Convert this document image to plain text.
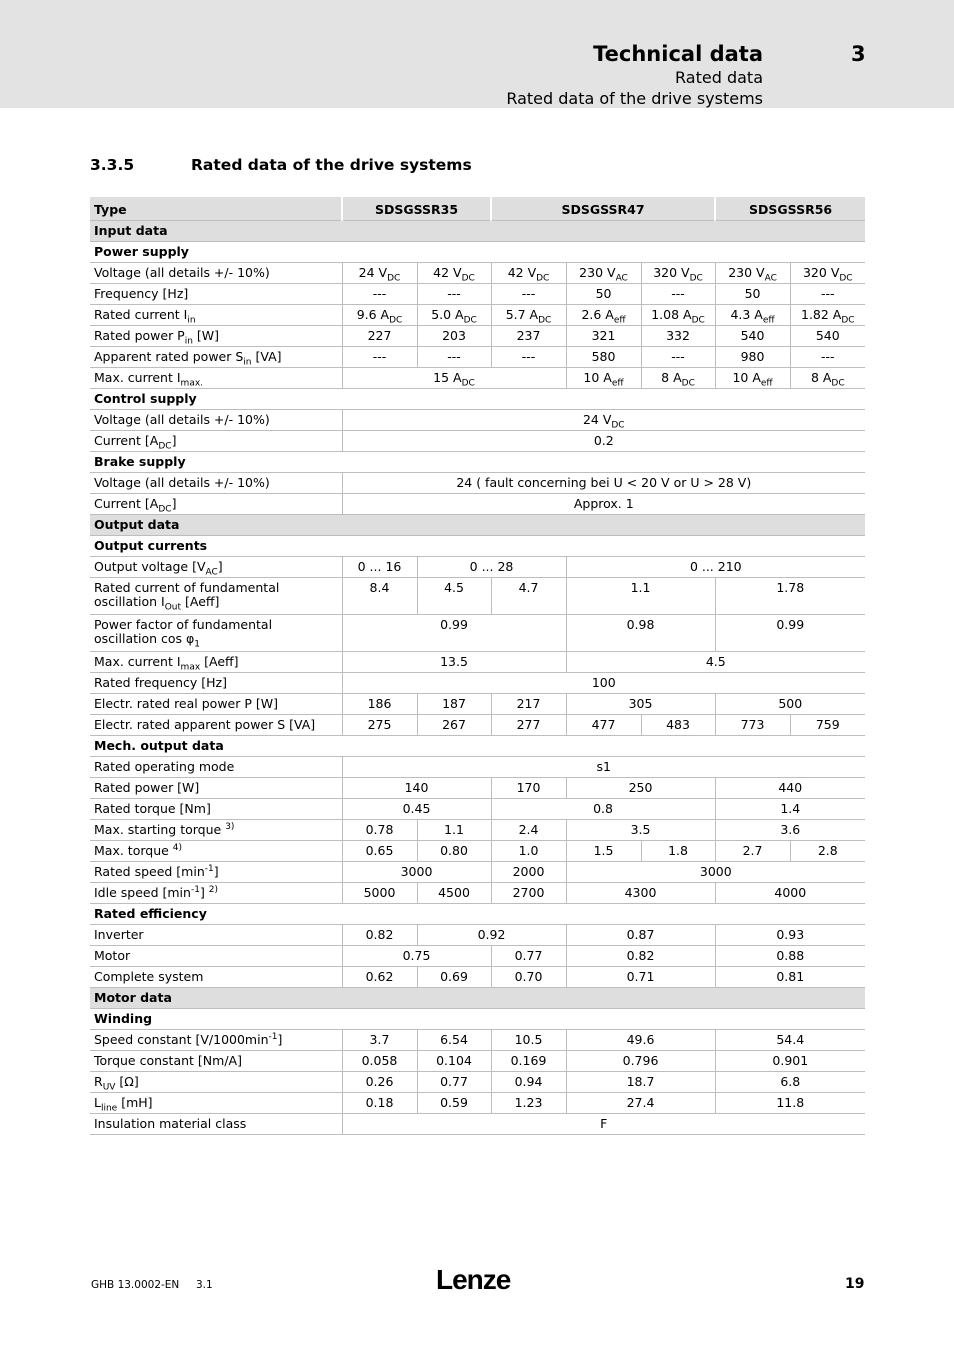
Technical data	3
Rated data
Rated data of the drive systems
3.3.5	Rated data of the drive systems
Type	SDSGSSR35		SDSGSSR47			SDSGSSR56	
Input data							
Power supply							
Voltage (all details +/- 10%)	24 $V_{DC}$	42 $V_{DC}$	42 $V_{DC}$	230 $V_{AC}$	320 $V_{DC}$	230 $V_{AC}$	320 $V_{DC}$
Frequency [Hz]	---	---	---	50	---	50	---
Rated current $I_{in}$	9.6 $A_{DC}$	5.0 $A_{DC}$	5.7 $A_{DC}$	2.6 $A_{eff}$	1.08 $A_{DC}$	4.3 $A_{eff}$	1.82 $A_{DC}$
Rated power $P_{in}$ [W]	227	203	237	321	332	540	540
Apparent rated power $S_{in}$ [VA]	---	---	---	580	---	980	---
Max. current $I_{max.}$	15 $A_{DC}$			10 $A_{eff}$	8 $A_{DC}$	10 $A_{eff}$	8 $A_{DC}$
Control supply							
Voltage (all details +/- 10%)	24 $V_{DC}$
Current $[A_{DC}]$	0.2						
Brake supply							
Voltage (all details +/- 10%)	24 ( fault concerning bei U < 20 V or U > 28 V)						
Current $[A_{DC}]$	Approx. 1						
Output data							
Output currents							
Output voltage $[V_{AC}]$	0 ... 16	0 ... 28		0 ... 210			
Rated current of fundamental oscillation $I_{Out}$ [Aeff]	8.4	4.5	4.7	1.1		1.78	
Power factor of fundamental oscillation $\cos \varphi_1$	0.99			0.98		0.99	
Max. current $I_{max}$ [Aeff]	13.5			4.5			
Rated frequency [Hz]	100						
Electr. rated real power P [W]	186	187	217	305		500	
Electr. rated apparent power S [VA]	275	267	277	477	483	773	759
Mech. output data							
Rated operating mode	s1						
Rated power [W]	140		170	250		440	
Rated torque [Nm]	0.45		0.8			1.4	
Max. starting torque $^{3)}$	0.78	1.1	2.4	3.5		3.6	
Max. torque $^{4)}$	0.65	0.80	1.0	1.5	1.8	2.7	2.8
Rated speed $[\min^{-1}]$	3000		2000	3000			
Idle speed $[\min^{-1}]$ $^{2)}$	5000	4500	2700	4300		4000	
Rated efficiency							
Inverter	0.82	0.92		0.87		0.93	
Motor	0.75		0.77	0.82		0.88	
Complete system	0.62	0.69	0.70	0.71		0.81	
Motor data							
Winding							
Speed constant $[V/1000\min^{-1}]$	3.7	6.54	10.5	49.6		54.4	
Torque constant [Nm/A]	0.058	0.104	0.169	0.796		0.901	
$R_{UV}$ [Ω]	0.26	0.77	0.94	18.7		6.8	
$L_{line}$ [mH]	0.18	0.59	1.23	27.4		11.8	
Insulation material class	F						
GHB 13.0002-EN 3.1	Lenze	19
